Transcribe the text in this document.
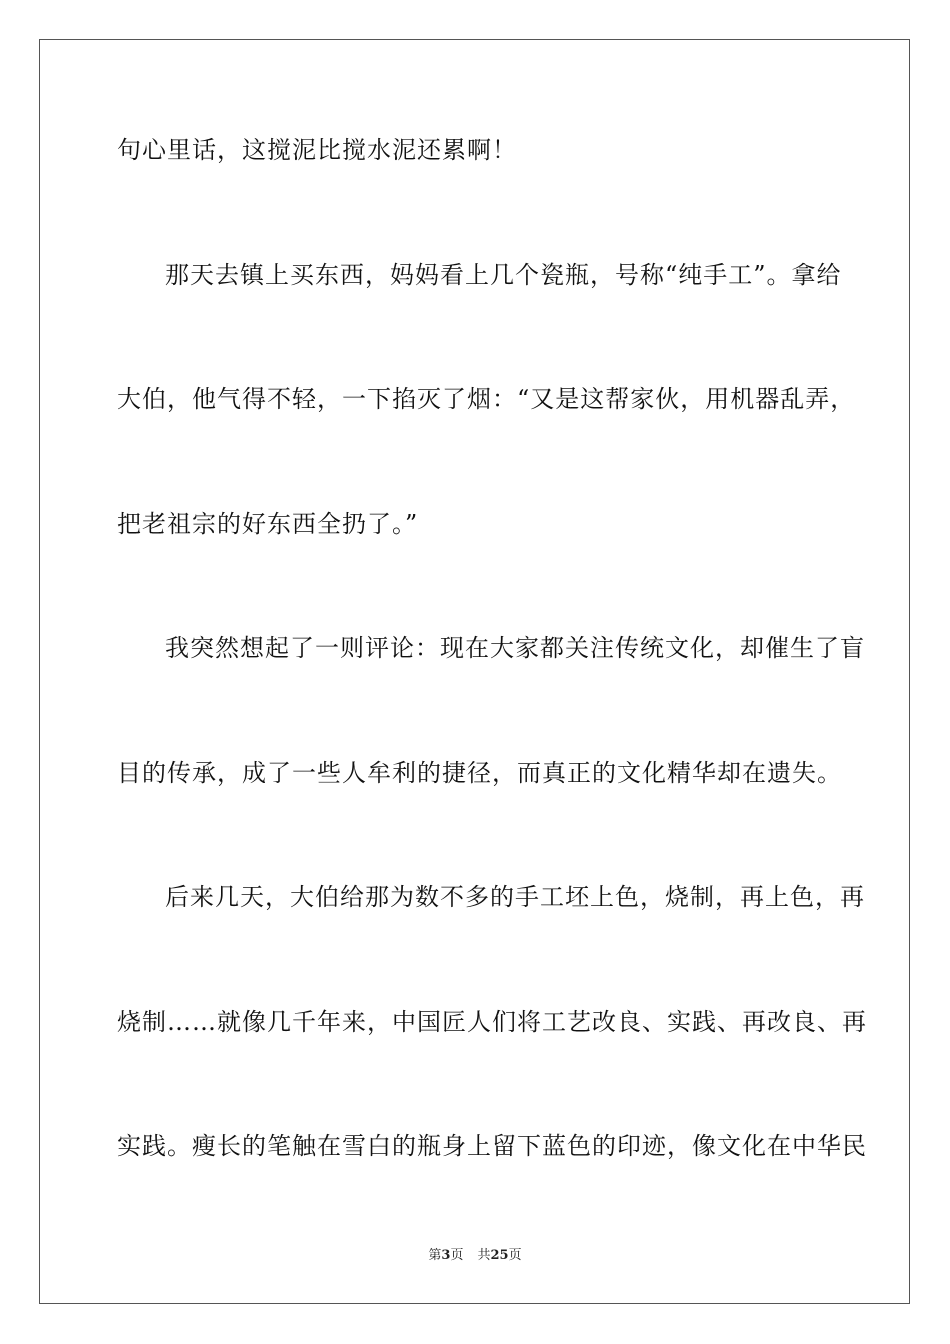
句心里话，这搅泥比搅水泥还累啊！
那天去镇上买东西，妈妈看上几个瓷瓶，号称“纯手工”。拿给
大伯，他气得不轻，一下掐灭了烟：“又是这帮家伙，用机器乱弄，
把老祖宗的好东西全扔了。”
我突然想起了一则评论：现在大家都关注传统文化，却催生了盲
目的传承，成了一些人牟利的捷径，而真正的文化精华却在遗失。
后来几天，大伯给那为数不多的手工坯上色，烧制，再上色，再
烧制……就像几千年来，中国匠人们将工艺改良、实践、再改良、再
实践。瘦长的笔触在雪白的瓶身上留下蓝色的印迹，像文化在中华民
第3页 共25页
